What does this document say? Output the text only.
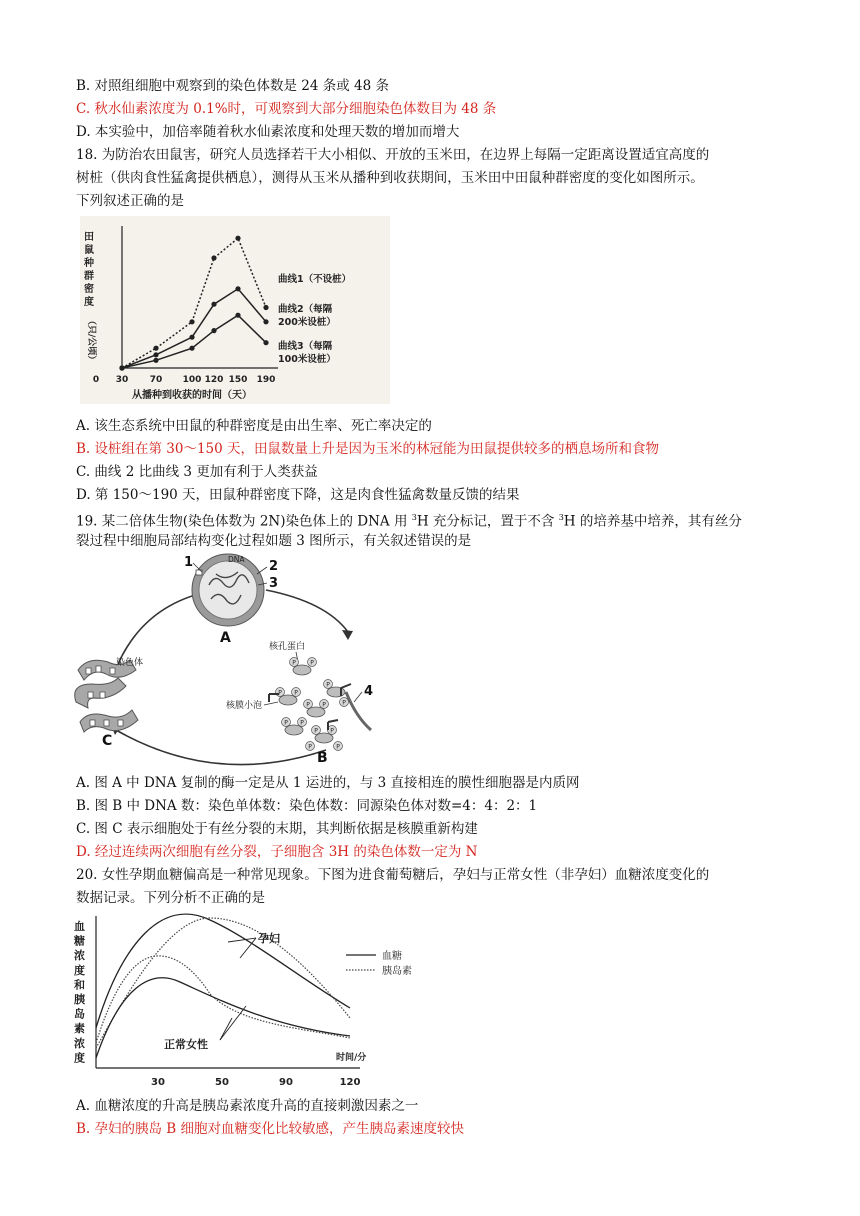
B. 对照组细胞中观察到的染色体数是 24 条或 48 条
C. 秋水仙素浓度为 0.1%时，可观察到大部分细胞染色体数目为 48 条
D. 本实验中，加倍率随着秋水仙素浓度和处理天数的增加而增大
18. 为防治农田鼠害，研究人员选择若干大小相似、开放的玉米田，在边界上每隔一定距离设置适宜高度的
树桩（供肉食性猛禽提供栖息），测得从玉米从播种到收获期间，玉米田中田鼠种群密度的变化如图所示。
下列叙述正确的是
田
鼠
种
群
密
度
（只/公顷）
0 30 70 100 120 150 190
从播种到收获的时间（天）
曲线1（不设桩）
曲线2（每隔
200米设桩）
曲线3（每隔
100米设桩）
A. 该生态系统中田鼠的种群密度是由出生率、死亡率决定的
B. 设桩组在第 30～150 天，田鼠数量上升是因为玉米的林冠能为田鼠提供较多的栖息场所和食物
C. 曲线 2 比曲线 3 更加有利于人类获益
D. 第 150～190 天，田鼠种群密度下降，这是肉食性猛禽数量反馈的结果
19. 某二倍体生物(染色体数为 2N)染色体上的 DNA 用 $^3$H 充分标记，置于不含 $^3$H 的培养基中培养，其有丝分
裂过程中细胞局部结构变化过程如题 3 图所示，有关叙述错误的是
DNA
1	2
3
A
核孔蛋白
P P
P P
P P
P P
P P
P
P
P
P
4
核膜小泡
B
染色体
C
A. 图 A 中 DNA 复制的酶一定是从 1 运进的，与 3 直接相连的膜性细胞器是内质网
B. 图 B 中 DNA 数：染色单体数：染色体数：同源染色体对数=4：4：2：1
C. 图 C 表示细胞处于有丝分裂的末期，其判断依据是核膜重新构建
D. 经过连续两次细胞有丝分裂，子细胞含 3H 的染色体数一定为 N
20. 女性孕期血糖偏高是一种常见现象。下图为进食葡萄糖后，孕妇与正常女性（非孕妇）血糖浓度变化的
数据记录。下列分析不正确的是
血
糖
浓
度
和
胰
岛
素
浓
度
30	50	90	120
时间/分
孕妇
正常女性
血糖
胰岛素
A. 血糖浓度的升高是胰岛素浓度升高的直接刺激因素之一
B. 孕妇的胰岛 B 细胞对血糖变化比较敏感，产生胰岛素速度较快
